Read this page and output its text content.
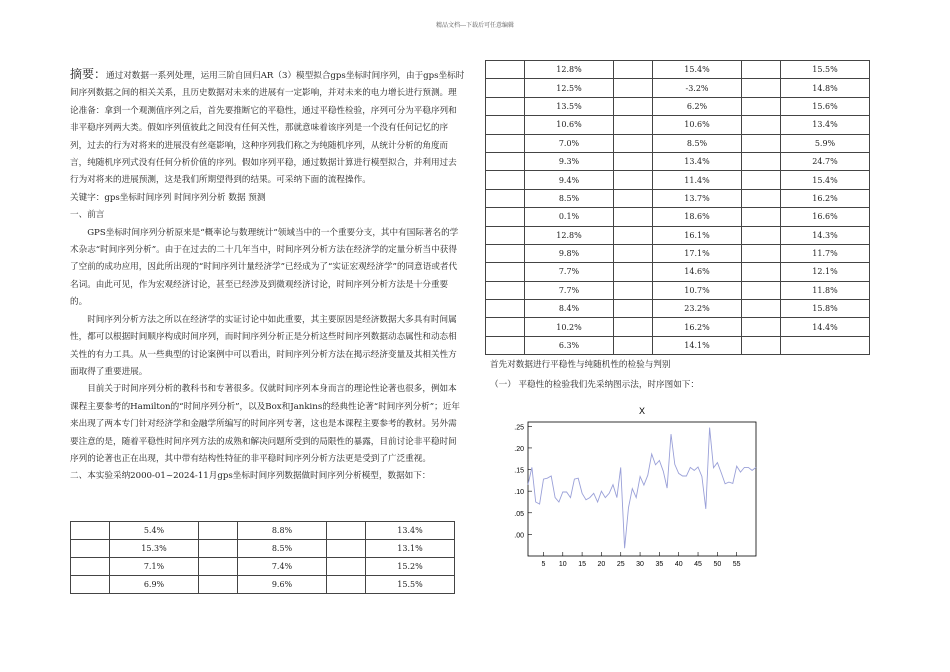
精品文档---下载后可任意编辑

摘要：通过对数据一系列处理，运用三阶自回归AR（3）模型拟合gps坐标时间序列，由于gps坐标时间序列数据之间的相关关系，且历史数据对未来的进展有一定影响，并对未来的电力增长进行预测。理论准备：拿到一个观测值序列之后，首先要推断它的平稳性，通过平稳性检验，序列可分为平稳序列和非平稳序列两大类。假如序列值彼此之间没有任何关性，那就意味着该序列是一个没有任何记忆的序列，过去的行为对将来的进展没有丝毫影响，这种序列我们称之为纯随机序列，从统计分析的角度而言，纯随机序列式没有任何分析价值的序列。假如序列平稳，通过数据计算进行模型拟合，并利用过去行为对将来的进展预测，这是我们所期望得到的结果。可采纳下面的流程操作。

关键字：gps坐标时间序列 时间序列分析 数据 预测

一、前言

GPS坐标时间序列分析原来是“概率论与数理统计”领域当中的一个重要分支，其中有国际著名的学术杂志“时间序列分析”。由于在过去的二十几年当中，时间序列分析方法在经济学的定量分析当中获得了空前的成功应用，因此所出现的“时间序列计量经济学”已经成为了“实证宏观经济学”的同意语或者代名词。由此可见，作为宏观经济讨论，甚至已经涉及到微观经济讨论，时间序列分析方法是十分重要的。

时间序列分析方法之所以在经济学的实证讨论中如此重要，其主要原因是经济数据大多具有时间属性，都可以根据时间顺序构成时间序列，而时间序列分析正是分析这些时间序列数据动态属性和动态相关性的有力工具。从一些典型的讨论案例中可以看出，时间序列分析方法在揭示经济变量及其相关性方面取得了重要进展。

目前关于时间序列分析的教科书和专著很多。仅就时间序列本身而言的理论性论著也很多，例如本课程主要参考的Hamilton的“时间序列分析”，以及Box和Jankins的经典性论著“时间序列分析”；近年来出现了两本专门针对经济学和金融学所编写的时间序列专著，这也是本课程主要参考的教材。另外需要注意的是，随着平稳性时间序列方法的成熟和解决问题所受到的局限性的暴露，目前讨论非平稳时间序列的论著也正在出现，其中带有结构性特征的非平稳时间序列分析方法更是受到了广泛重视。

二、本实验采纳2000-01~2024-11月gps坐标时间序列数据做时间序列分析模型，数据如下：

	5.4%		8.8%		13.4%
	15.3%		8.5%		13.1%
	7.1%		7.4%		15.2%
	6.9%		9.6%		15.5%
	12.8%		15.4%		15.5%
	12.5%		-3.2%		14.8%
	13.5%		6.2%		15.6%
	10.6%		10.6%		13.4%
	7.0%		8.5%		5.9%
	9.3%		13.4%		24.7%
	9.4%		11.4%		15.4%
	8.5%		13.7%		16.2%
	0.1%		18.6%		16.6%
	12.8%		16.1%		14.3%
	9.8%		17.1%		11.7%
	7.7%		14.6%		12.1%
	7.7%		10.7%		11.8%
	8.4%		23.2%		15.8%
	10.2%		16.2%		14.4%
	6.3%		14.1%		

首先对数据进行平稳性与纯随机性的检验与判别

（一） 平稳性的检验我们先采纳图示法，时序图如下：

X
.00
.05
.10
.15
.20
.25
5 10 15 20 25 30 35 40 45 50 55
